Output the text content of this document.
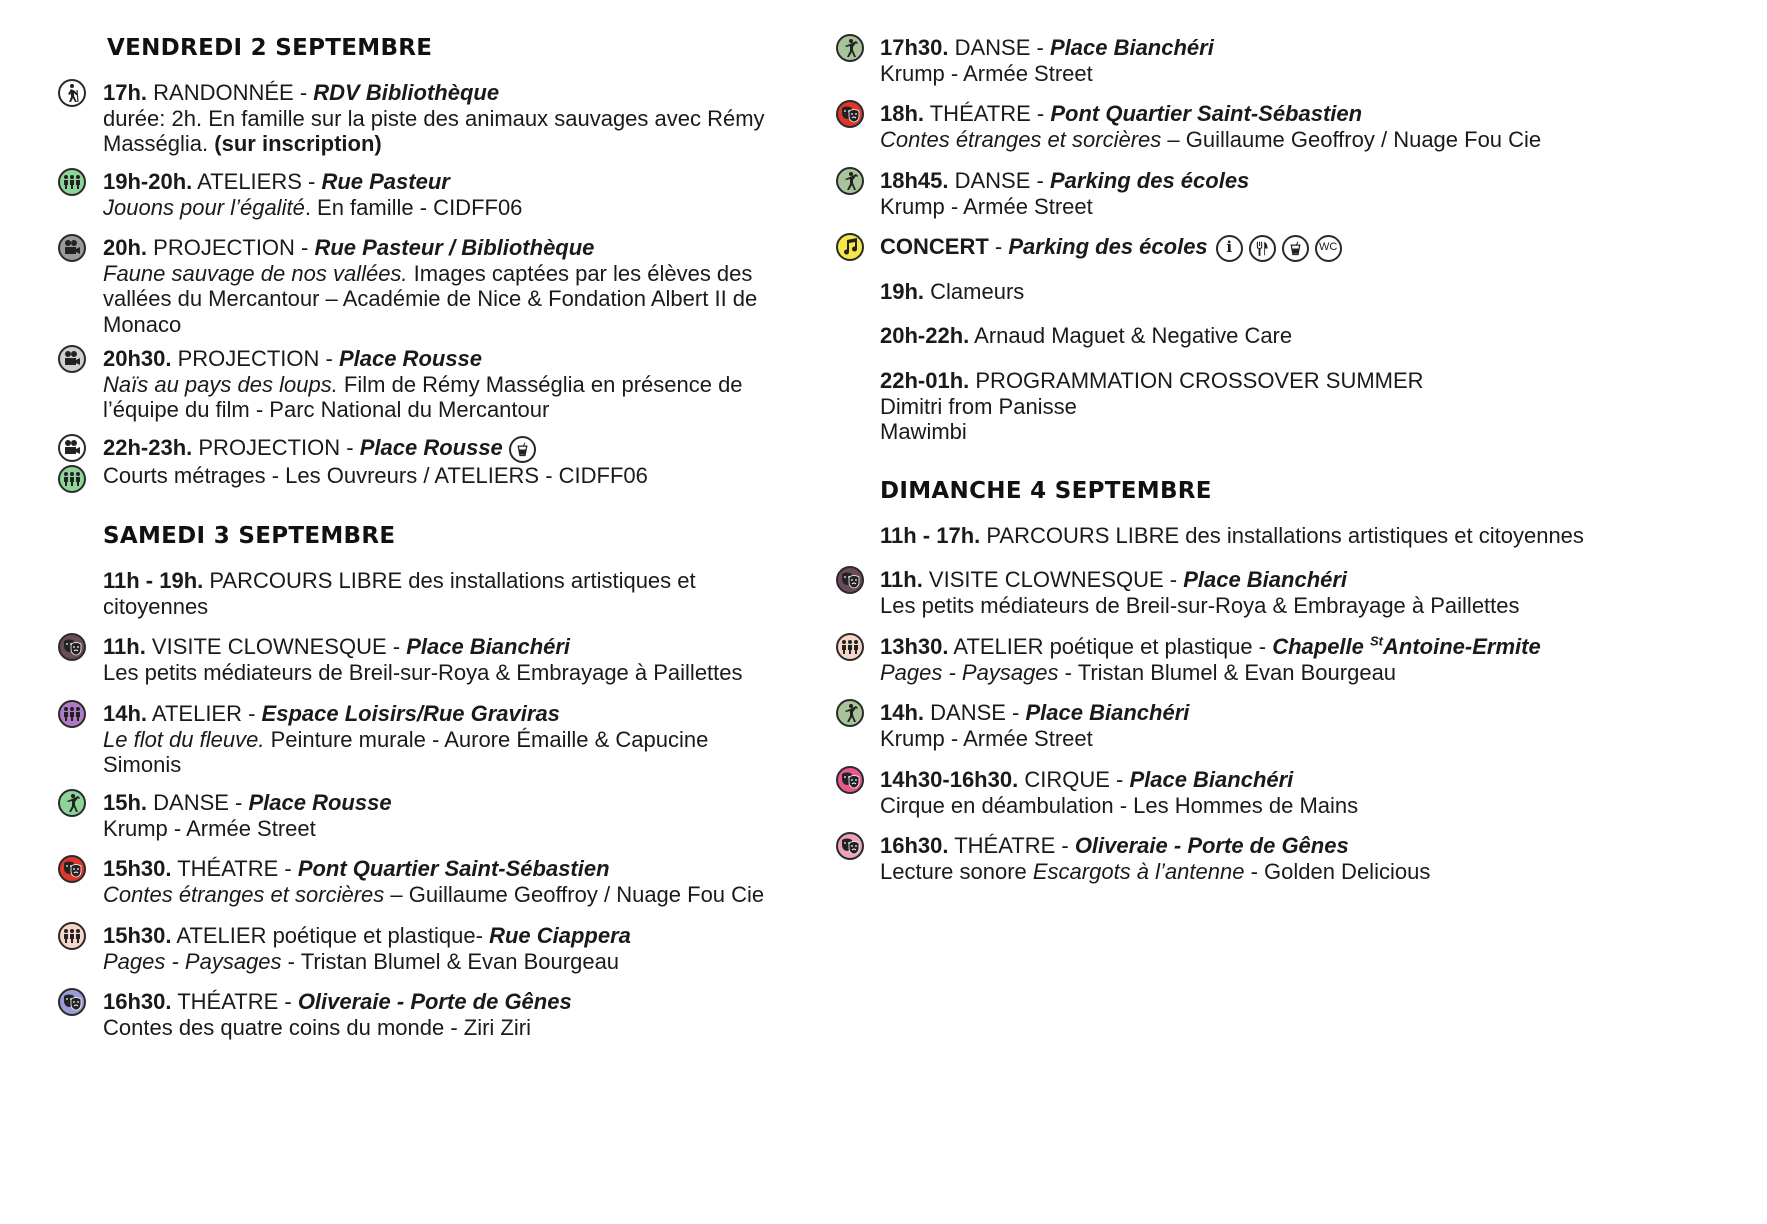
VENDREDI 2 SEPTEMBRE
17h. RANDONNÉE - RDV Bibliothèque
durée: 2h. En famille sur la piste des animaux sauvages avec Rémy
Masséglia. (sur inscription)
19h-20h. ATELIERS - Rue Pasteur
Jouons pour l’égalité. En famille - CIDFF06
20h. PROJECTION - Rue Pasteur / Bibliothèque
Faune sauvage de nos vallées. Images captées par les élèves des
vallées du Mercantour – Académie de Nice & Fondation Albert II de
Monaco
20h30. PROJECTION - Place Rousse
Naïs au pays des loups. Film de Rémy Masséglia en présence de
l’équipe du film - Parc National du Mercantour
22h-23h. PROJECTION - Place Rousse
Courts métrages - Les Ouvreurs / ATELIERS - CIDFF06
SAMEDI 3 SEPTEMBRE
11h - 19h. PARCOURS LIBRE des installations artistiques et
citoyennes
11h. VISITE CLOWNESQUE - Place Bianchéri
Les petits médiateurs de Breil-sur-Roya & Embrayage à Paillettes
14h. ATELIER - Espace Loisirs/Rue Graviras
Le flot du fleuve. Peinture murale - Aurore Émaille & Capucine
Simonis
15h. DANSE - Place Rousse
Krump - Armée Street
15h30. THÉATRE - Pont Quartier Saint-Sébastien
Contes étranges et sorcières – Guillaume Geoffroy / Nuage Fou Cie
15h30. ATELIER poétique et plastique- Rue Ciappera
Pages - Paysages - Tristan Blumel & Evan Bourgeau
16h30. THÉATRE - Oliveraie - Porte de Gênes
Contes des quatre coins du monde - Ziri Ziri
17h30. DANSE - Place Bianchéri
Krump - Armée Street
18h. THÉATRE - Pont Quartier Saint-Sébastien
Contes étranges et sorcières – Guillaume Geoffroy / Nuage Fou Cie
18h45. DANSE - Parking des écoles
Krump - Armée Street
CONCERT - Parking des écoles i	WC
19h. Clameurs
20h-22h. Arnaud Maguet & Negative Care
22h-01h. PROGRAMMATION CROSSOVER SUMMER
Dimitri from Panisse
Mawimbi
DIMANCHE 4 SEPTEMBRE
11h - 17h. PARCOURS LIBRE des installations artistiques et citoyennes
11h. VISITE CLOWNESQUE - Place Bianchéri
Les petits médiateurs de Breil-sur-Roya & Embrayage à Paillettes
13h30. ATELIER poétique et plastique - Chapelle $^{St}$Antoine-Ermite
Pages - Paysages - Tristan Blumel & Evan Bourgeau
14h. DANSE - Place Bianchéri
Krump - Armée Street
14h30-16h30. CIRQUE - Place Bianchéri
Cirque en déambulation - Les Hommes de Mains
16h30. THÉATRE - Oliveraie - Porte de Gênes
Lecture sonore Escargots à l’antenne - Golden Delicious
